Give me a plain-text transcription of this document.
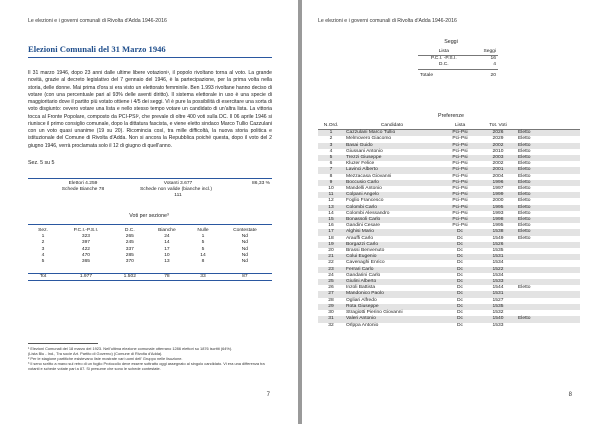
Le elezioni e i governi comunali di Rivolta d'Adda 1946-2016
Elezioni Comunali del 31 Marzo 1946
Il 31 marzo 1946, dopo 23 anni dalle ultime libere votazioni¹, il popolo rivoltano torna al voto. La grande novità, grazie al decreto legislativo del 7 gennaio del 1946, è la partecipazione, per la prima volta nella storia, delle donne. Mai prima d'ora si era visto un elettorato femminile. Ben 1.993 rivoltane hanno deciso di votare (con una percentuale pari al 93% delle aventi diritto). Il sistema elettorale in uso è una specie di maggioritario dove il partito più votato ottiene i 4/5 dei seggi. Vi è pure la possibilità di esercitare una sorta di voto disgiunto: ovvero votare una lista e nello stesso tempo votare un candidato di un'altra lista. La vittoria tocca al Fronte Popolare, composto da PCI-PSI², che prevale di oltre 400 voti sulla DC. Il 06 aprile 1946 si riunisce il primo consiglio comunale, dopo la dittatura fascista, e viene eletto sindaco Marco Tullio Cazzulani con un voto quasi unanime (19 su 20). Ricomincia così, tra mille difficoltà, la nuova storia politica e istituzionale del Comune di Rivolta d'Adda. Non si ancora la Repubblica poiché questa, dopo il voto del 2 giugno 1946, verrà proclamata solo il 12 di giugno di quell'anno.
Sez. 5 su 5
Elettori 4.259	Votanti 3.677	86,33 %
Schede Bianche 78	Schede non valide (bianche incl.)	
	111	
Voti per sezione³
Sez.	P.C.I.-P.S.I.	D.C.	Bianche	Nulle	Contestate
1	323	265	24	1	Nd
2	397	245	14	5	Nd
3	422	337	17	5	Nd
4	470	285	10	14	Nd
5	365	370	13	8	Nd

Tot	1.977	1.502	78	33	87
¹ Elezioni Comunali del 18 marzo del 1923. Nell'ultima elezione comunale otterrano 1286 elettori su 1876 iscritti (64%).
(Lista Blu - Ind., Tra socie Art. Partito di Governo) (Comune di Rivolta d'Adda).
² Per le stagione partitiche esistevano liste mostrate vari uomi dell' Gruppo nelle lisuzione.
³ Il seno scritto a mano sul retro di un foglio Protocollo deve essere sottratto oggi assegnato al singolo candidato. Vi era una differenza tra
votanti e schede votate pari a 87. Si presume che sono le schede contestate.
7
Le elezioni e i governi comunali di Rivolta d'Adda 1946-2016
Seggi
Lista	Seggi
P.C.I. -P.S.I.	16
D.C.	4
Totale	20
Preferenze
N.Ord.	Candidato	Lista	Tot. Voti	
1	Cazzulani Marco Tullio	Pci-Psi	2026	Eletto
2	Melmovero Giacomo	Pci-Psi	2029	Eletto
3	Basai Guido	Pci-Psi	2002	Eletto
4	Giussani Antonio	Pci-Psi	2010	Eletto
5	Trezzi Giuseppe	Pci-Psi	2003	Eletto
6	Kluzer Felice	Pci-Psi	2002	Eletto
7	Lavinci Alberto	Pci-Psi	2001	Eletto
8	Mezzacasa Giovanni	Pci-Psi	2004	Eletto
9	Boccusio Carlo	Pci-Psi	1996	Eletto
10	Mandelli Antonio	Pci-Psi	1997	Eletto
11	Colpani Angelo	Pci-Psi	1999	Eletto
12	Foglio Francesco	Pci-Psi	2000	Eletto
13	Colombi Carlo	Pci-Psi	1995	Eletto
14	Colombi Alessandro	Pci-Psi	1993	Eletto
15	Bonassoli Carlo	Pci-Psi	1998	Eletto
16	Gandini Cesare	Pci-Psi	1995	Eletto
17	Alghisi Mario	Dc	1538	Eletto
18	Arauffi Carlo	Dc	1549	Eletto
19	Borgazzi Carlo	Dc	1526	
20	Brassi Benvenuto	Dc	1535	
21	Colui Eugenio	Dc	1531	
22	Cavenaghi Enrico	Dc	1534	
23	Ferrari Carlo	Dc	1522	
24	Gandarini Carlo	Dc	1534	
25	Giulini Alberto	Dc	1533	
26	Inzoli Battista	Dc	1544	Eletto
27	Mandonico Paolo	Dc	1531	
28	Ogliari Alfredo	Dc	1527	
29	Rota Giuseppe	Dc	1535	
30	Stragiotti Pierino Giovanni	Dc	1532	
31	Valeri Antonio	Dc	1540	Eletto
32	Orlppa Antonio	Dc	1533	
8
